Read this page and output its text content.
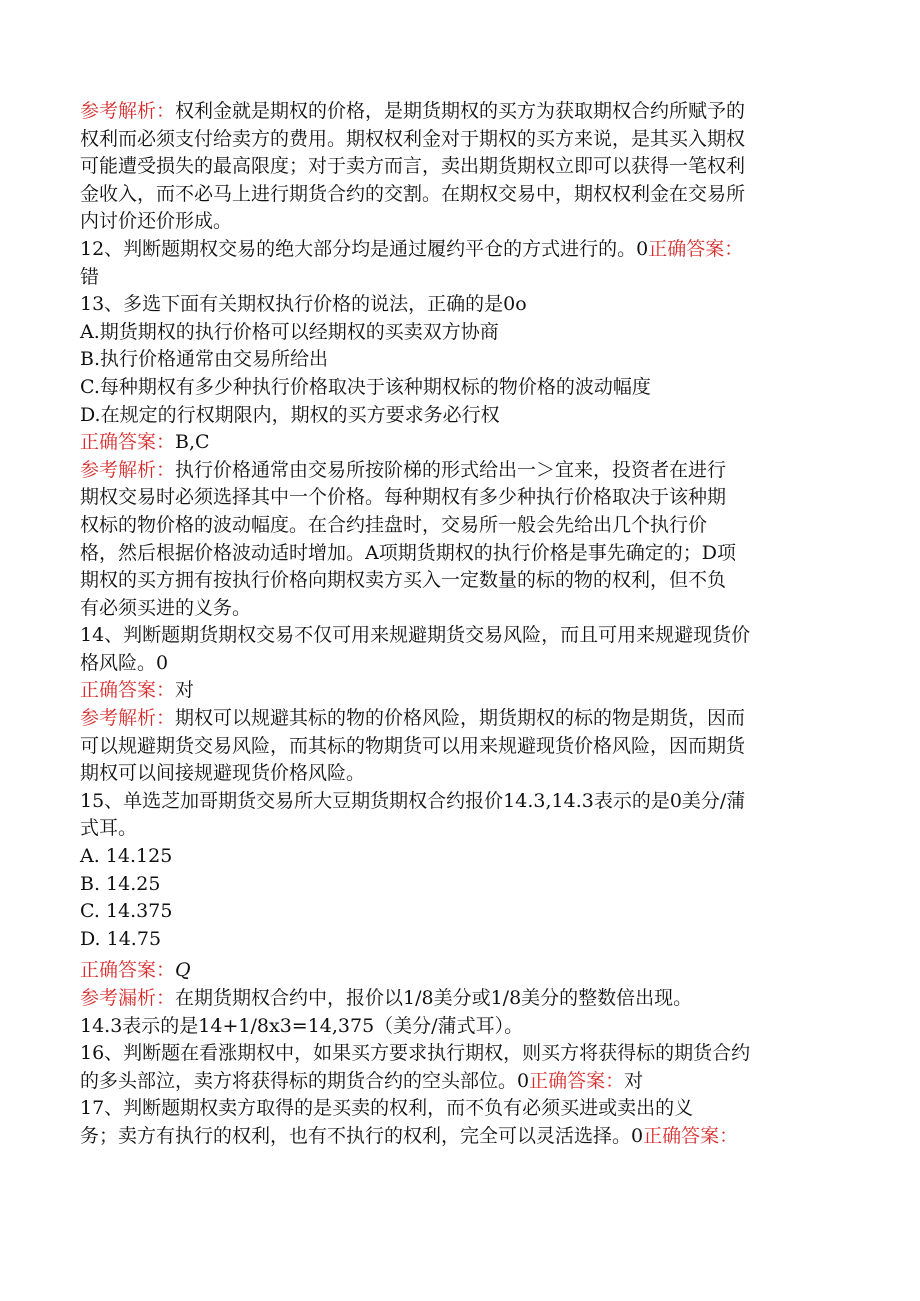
参考解析：权利金就是期权的价格，是期货期权的买方为获取期权合约所赋予的
权利而必须支付给卖方的费用。期权权利金对于期权的买方来说，是其买入期权
可能遭受损失的最高限度；对于卖方而言，卖出期货期权立即可以获得一笔权利
金收入，而不必马上进行期货合约的交割。在期权交易中，期权权利金在交易所
内讨价还价形成。
12、判断题期权交易的绝大部分均是通过履约平仓的方式进行的。0正确答案：
错
13、多选下面有关期权执行价格的说法，正确的是0o
A.期货期权的执行价格可以经期权的买卖双方协商
B.执行价格通常由交易所给出
C.每种期权有多少种执行价格取决于该种期权标的物价格的波动幅度
D.在规定的行权期限内，期权的买方要求务必行权
正确答案：B,C
参考解析：执行价格通常由交易所按阶梯的形式给出一＞宜来，投资者在进行
期权交易时必须选择其中一个价格。每种期权有多少种执行价格取决于该种期
权标的物价格的波动幅度。在合约挂盘时，交易所一般会先给出几个执行价
格，然后根据价格波动适时增加。A项期货期权的执行价格是事先确定的；D项
期权的买方拥有按执行价格向期权卖方买入一定数量的标的物的权利，但不负
有必须买进的义务。
14、判断题期货期权交易不仅可用来规避期货交易风险，而且可用来规避现货价
格风险。0
正确答案：对
参考解析：期权可以规避其标的物的价格风险，期货期权的标的物是期货，因而
可以规避期货交易风险，而其标的物期货可以用来规避现货价格风险，因而期货
期权可以间接规避现货价格风险。
15、单选芝加哥期货交易所大豆期货期权合约报价14.3,14.3表示的是0美分/蒲
式耳。
A. 14.125
B. 14.25
C. 14.375
D. 14.75
正确答案：Q
参考漏析：在期货期权合约中，报价以1/8美分或1/8美分的整数倍出现。
14.3表示的是14+1/8x3=14,375（美分/蒲式耳）。
16、判断题在看涨期权中，如果买方要求执行期权，则买方将获得标的期货合约
的多头部泣，卖方将获得标的期货合约的空头部位。0正确答案：对
17、判断题期权卖方取得的是买卖的权利，而不负有必须买进或卖出的义
务；卖方有执行的权利，也有不执行的权利，完全可以灵活选择。0正确答案：
